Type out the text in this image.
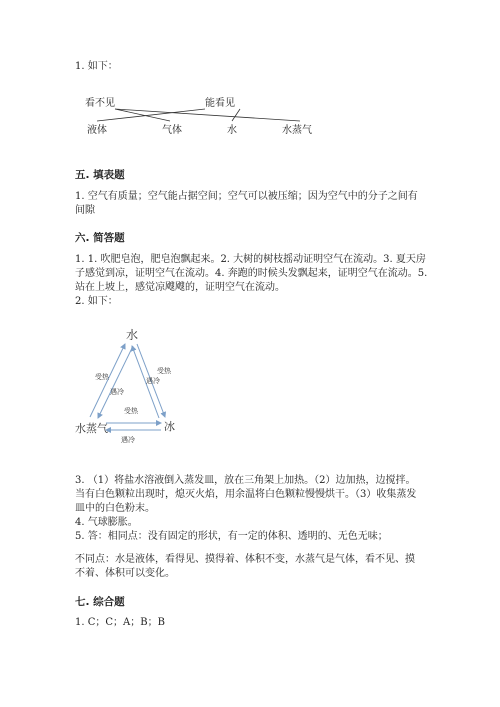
1. 如下：
看不见	能看见
液体	气体	水	水蒸气
五. 填表题
1. 空气有质量；空气能占据空间；空气可以被压缩；因为空气中的分子之间有
间隙
六. 简答题
1. 1. 吹肥皂泡，肥皂泡飘起来。2. 大树的树枝摇动证明空气在流动。3. 夏天房
子感觉到凉，证明空气在流动。4. 奔跑的时候头发飘起来，证明空气在流动。5.
站在上坡上，感觉凉飕飕的，证明空气在流动。
2. 如下：
水
水蒸气	冰
受热
遇冷
遇冷
受热
受热
遇冷
3. （1）将盐水溶液倒入蒸发皿，放在三角架上加热。（2）边加热，边搅拌。
当有白色颗粒出现时，熄灭火焰，用余温将白色颗粒慢慢烘干。（3）收集蒸发
皿中的白色粉末。
4. 气球膨胀。
5. 答：相同点：没有固定的形状，有一定的体积、透明的、无色无味；
不同点：水是液体，看得见、摸得着、体积不变，水蒸气是气体，看不见、摸
不着、体积可以变化。
七. 综合题
1. C；C；A；B；B
